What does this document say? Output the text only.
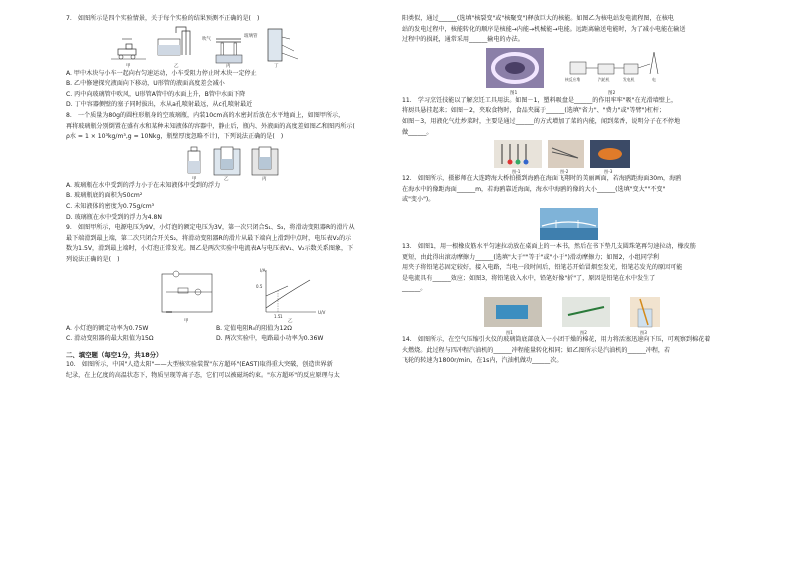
7.　如图所示是四个实验情景，关于每个实验的结果预测不正确的是(　)

吹气
玻璃管
甲	乙	丙	丁

A. 甲中木块与小车一起向右匀速运动，小车受阻力停止时木块一定停止

B. 乙中修建探究液面向下移动，U形管的液面高度差会减小

C. 丙中向玻璃管中吹风，U形管A管中的水面上升，B管中水面下降

D. 丁中容器侧壁的塞子同时拔出，水从a孔喷射最远，从c孔喷射最近

8.　一个质量为80g的圆柱形瓶身的空玻璃瓶，内装10cm高的水密封后放在水平地面上，如图甲所示，

再将玻璃瓶分别倒置在盛有水和某种未知液体的容器中，静止后，瓶内、外液面的高度差如图乙和图丙所示(

ρ水 = 1 × 10³kg/m³,g = 10Nkg，瓶壁厚度忽略不计)，下列说法正确的是(　)

甲	乙	丙

A. 玻璃瓶在水中受到的浮力小于在未知液体中受到的浮力

B. 玻璃瓶底的面积为50cm²

C. 未知液体的密度为0.75g/cm³

D. 玻璃瓶在水中受到的浮力为4.8N

9.　如图甲所示，电源电压为9V，小灯泡的额定电压为3V，第一次只闭合S₁、S₃，将滑动变阻器R的滑片从

最下端滑到最上端，第二次只闭合开关S₂，将滑动变阻器R的滑片从最下端向上滑到中点时，电压表V₂的示

数为1.5V，滑到最上端时，小灯泡正常发光。图乙是两次实验中电流表A与电压表V₁、V₂示数关系图象，下

列说法正确的是(　)

甲
I/A
U/V
0.5
1.5 1
乙

A. 小灯泡的额定功率为0.75W	B. 定值电阻R₀的阻值为12Ω

C. 滑动变阻器的最大阻值为15Ω	D. 两次实验中，电路最小功率为0.36W

二、填空题（每空1分，共18分）

10.　如图所示，中国"人造太阳"——大型核实验装置"东方超环"(EAST)取得重大突破，创造世界新

纪录，在上亿度的高温状态下，物质呈现等离子态，它们可以被磁场约束。"东方超环"的反应原理与太

阳类似，通过______(选填"核裂变"或"核聚变")释放巨大的核能。如图乙为核电站发电流程图，在核电

站的发电过程中，核能转化的顺序是核能→内能→机械能→电能。远距离输送电能时，为了减小电能在输送

过程中的损耗，通常采用______输电的办法。

核反应堆	汽轮机	发电机	电
图1	图2

11.　学习烹饪技能以了解烹饪工具用法。如图－1，塑料吸盘是______的作用牢牢"吸"在光滑墙壁上，

将厨具悬挂起来；如图－2，夹取食物时，食品夹属于______(选填"省力"、"费力"或"等臂")杠杆；

如图－3，用液化气灶炒菜时，主要是通过______的方式增加了菜的内能，闻到菜香，说明分子在不停地

做______。

图-1	图-2	图-3

12.　如图所示，摄影师在大连跨海大桥拍摄到海鸥在海面飞翔时的美丽画面，若海鸥距海面30m，海鸥

在海水中的像距海面______m，若海鸥靠近海面，海水中海鸥的像的大小______(选填"变大""不变"

或"变小")。

13.　如图1，用一根橡皮筋水平匀速拉动放在桌面上的一本书，然后在书下垫几支圆珠笔再匀速拉动，橡皮筋

更短，由此得出滚动摩擦力______(选填"大于""等于"或"小于")滑动摩擦力；如图2，小组同学利

用夹子将铅笔芯固定较好，接入电路，当电一段时间后，铅笔芯开始冒烟至发光，铅笔芯发光的原因可能

是电流具有______效应；如图3，将铅笔放入水中，铅笔好像"折"了，原因是铅笔在水中发生了

______。

图1	图2	图3

14.　如图所示，在空气压缩引火仪的玻璃筒底部放入一小团干燥的棉花，用力将活塞迅速向下压，可观察到棉花着

火燃烧。此过程与四冲程汽油机的______冲程能量转化相同；如乙图所示是汽油机的______冲程，若

飞轮的转速为1800r/min，在1s内，汽油机做功______次。
